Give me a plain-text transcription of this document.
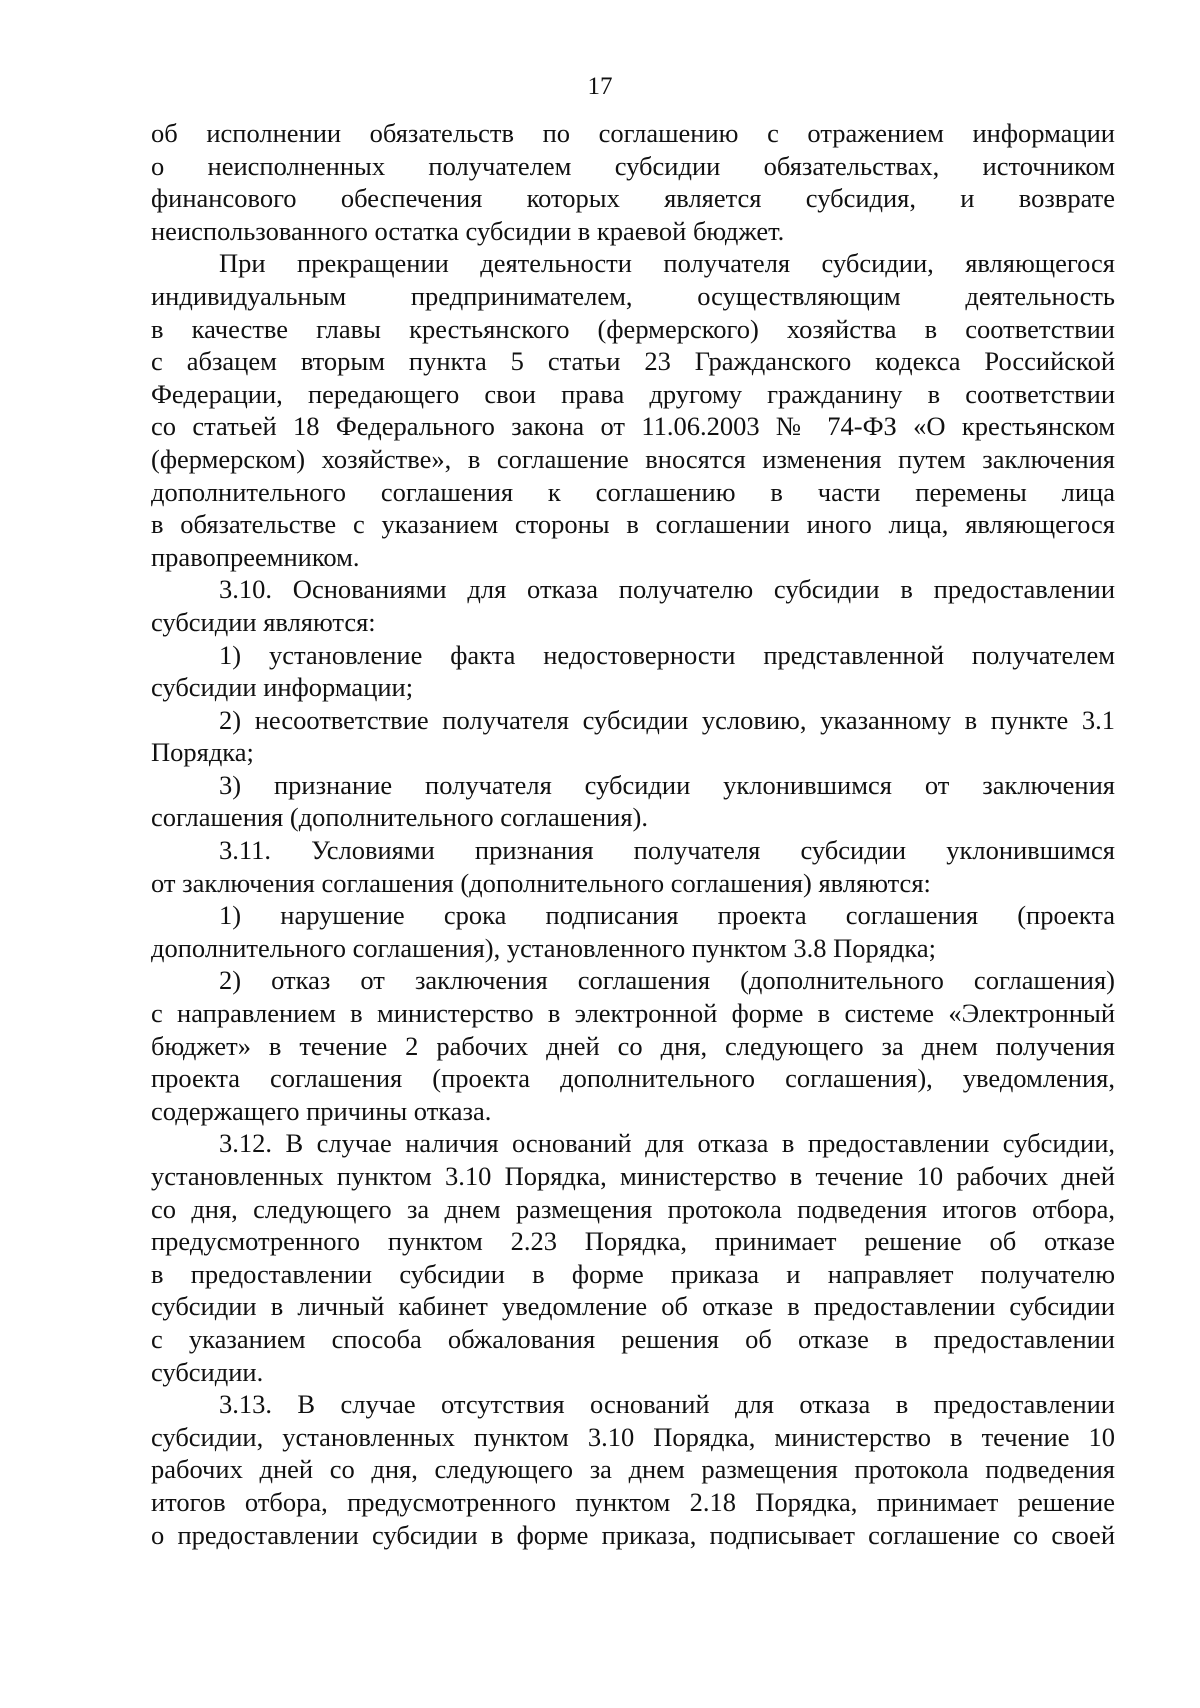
17
об исполнении обязательств по соглашению с отражением информации
о неисполненных получателем субсидии обязательствах, источником
финансового обеспечения которых является субсидия, и возврате
неиспользованного остатка субсидии в краевой бюджет.
При прекращении деятельности получателя субсидии, являющегося
индивидуальным предпринимателем, осуществляющим деятельность
в качестве главы крестьянского (фермерского) хозяйства в соответствии
с абзацем вторым пункта 5 статьи 23 Гражданского кодекса Российской
Федерации, передающего свои права другому гражданину в соответствии
со статьей 18 Федерального закона от 11.06.2003 № 74-ФЗ «О крестьянском
(фермерском) хозяйстве», в соглашение вносятся изменения путем заключения
дополнительного соглашения к соглашению в части перемены лица
в обязательстве с указанием стороны в соглашении иного лица, являющегося
правопреемником.
3.10. Основаниями для отказа получателю субсидии в предоставлении
субсидии являются:
1) установление факта недостоверности представленной получателем
субсидии информации;
2) несоответствие получателя субсидии условию, указанному в пункте 3.1
Порядка;
3) признание получателя субсидии уклонившимся от заключения
соглашения (дополнительного соглашения).
3.11. Условиями признания получателя субсидии уклонившимся
от заключения соглашения (дополнительного соглашения) являются:
1) нарушение срока подписания проекта соглашения (проекта
дополнительного соглашения), установленного пунктом 3.8 Порядка;
2) отказ от заключения соглашения (дополнительного соглашения)
с направлением в министерство в электронной форме в системе «Электронный
бюджет» в течение 2 рабочих дней со дня, следующего за днем получения
проекта соглашения (проекта дополнительного соглашения), уведомления,
содержащего причины отказа.
3.12. В случае наличия оснований для отказа в предоставлении субсидии,
установленных пунктом 3.10 Порядка, министерство в течение 10 рабочих дней
со дня, следующего за днем размещения протокола подведения итогов отбора,
предусмотренного пунктом 2.23 Порядка, принимает решение об отказе
в предоставлении субсидии в форме приказа и направляет получателю
субсидии в личный кабинет уведомление об отказе в предоставлении субсидии
с указанием способа обжалования решения об отказе в предоставлении
субсидии.
3.13. В случае отсутствия оснований для отказа в предоставлении
субсидии, установленных пунктом 3.10 Порядка, министерство в течение 10
рабочих дней со дня, следующего за днем размещения протокола подведения
итогов отбора, предусмотренного пунктом 2.18 Порядка, принимает решение
о предоставлении субсидии в форме приказа, подписывает соглашение со своей
